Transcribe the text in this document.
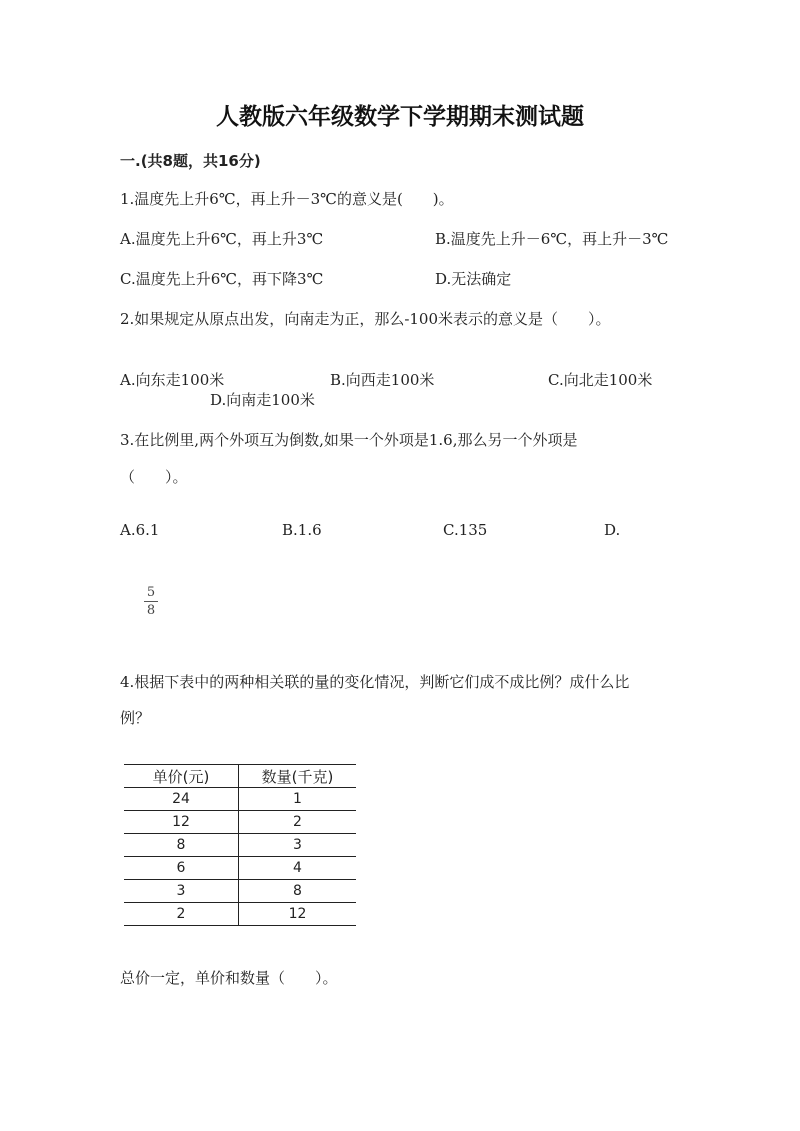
人教版六年级数学下学期期末测试题
一.(共8题，共16分)
1.温度先上升6℃，再上升－3℃的意义是(　　)。
A.温度先上升6℃，再上升3℃	B.温度先上升－6℃，再上升－3℃
C.温度先上升6℃，再下降3℃	D.无法确定
2.如果规定从原点出发，向南走为正，那么-100米表示的意义是（　　）。
A.向东走100米	B.向西走100米	C.向北走100米
D.向南走100米
3.在比例里,两个外项互为倒数,如果一个外项是1.6,那么另一个外项是
（　　）。
A.6.1	B.1.6	C.135	D.
5
8
4.根据下表中的两种相关联的量的变化情况，判断它们成不成比例？成什么比
例？
单价(元)	数量(千克)
24	1
12	2
8	3
6	4
3	8
2	12
总价一定，单价和数量（　　）。
